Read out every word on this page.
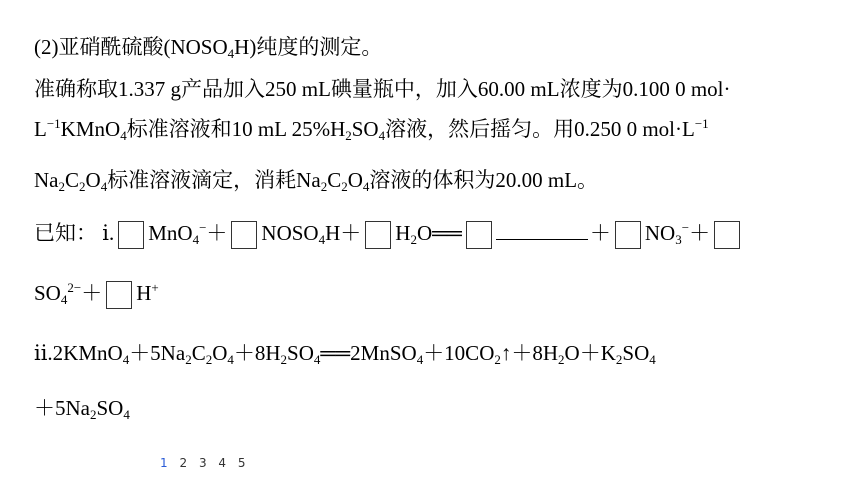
(2)亚硝酰硫酸$(NOSO_4H)$纯度的测定。
准确称取1.337 g产品加入250 mL碘量瓶中，加入60.00 mL浓度为0.100 0 mol·
$L^{-1}KMnO_4$标准溶液和10 mL $25\%H_2SO_4$溶液，然后摇匀。用0.250 0 $mol\cdot L^{-1}$
$Na_2C_2O_4$标准溶液滴定，消耗$Na_2C_2O_4$溶液的体积为20.00 mL。
已知： ⅰ. $MnO_4^-+ NOSO_4H+$ $H_2O══$	＋ $NO_3^-+$
$SO_4^{2-}+ H^+$
$ⅱ.2KMnO_4+5Na_2C_2O_4+8H_2SO_4══2MnSO_4+10CO_2↑+8H_2O+K_2SO_4$
$+5Na_2SO_4$
1 2 3 4 5
